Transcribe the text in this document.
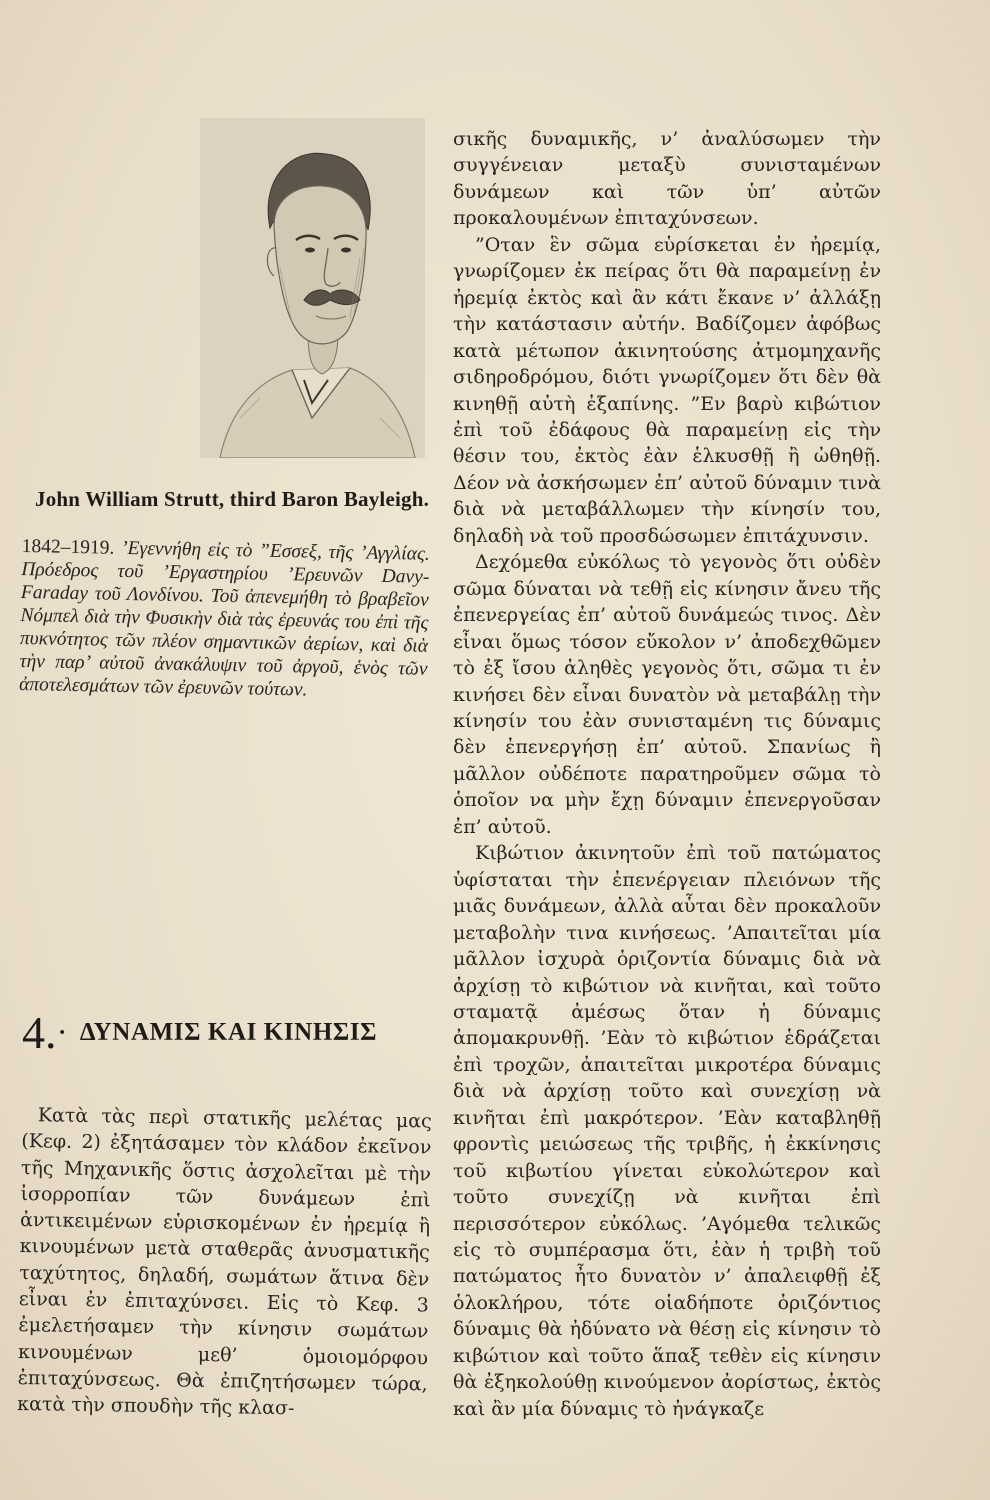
John William Strutt, third Baron Bayleigh.

1842–1919. ’Εγεννήθη εἰς τὸ ”Εσσεξ, τῆς ’Αγγλίας. Πρόεδρος τοῦ ’Εργαστηρίου ’Ερευνῶν Davy-Faraday τοῦ Λονδίνου. Τοῦ ἀπενεμήθη τὸ βραβεῖον Νόμπελ διὰ τὴν Φυσικὴν διὰ τὰς ἐρευνάς του ἐπὶ τῆς πυκνότητος τῶν πλέον σημαντικῶν ἀερίων, καὶ διὰ τὴν παρ’ αὐτοῦ ἀνακάλυψιν τοῦ ἀργοῦ, ἑνὸς τῶν ἀποτελεσμάτων τῶν ἐρευνῶν τούτων.

4.· ΔΥΝΑΜΙΣ ΚΑΙ ΚΙΝΗΣΙΣ

Κατὰ τὰς περὶ στατικῆς μελέτας μας (Κεφ. 2) ἐξητάσαμεν τὸν κλάδον ἐκεῖνον τῆς Μηχανικῆς ὅστις ἀσχολεῖται μὲ τὴν ἰσορροπίαν τῶν δυνάμεων ἐπὶ ἀντικειμένων εὑρισκομένων ἐν ἠρεμίᾳ ἢ κινουμένων μετὰ σταθερᾶς ἀνυσματικῆς ταχύτητος, δηλαδή, σωμάτων ἅτινα δὲν εἶναι ἐν ἐπιταχύνσει. Εἰς τὸ Κεφ. 3 ἐμελετήσαμεν τὴν κίνησιν σωμάτων κινουμένων μεθ’ ὁμοιομόρφου ἐπιταχύνσεως. Θὰ ἐπιζητήσωμεν τώρα, κατὰ τὴν σπουδὴν τῆς κλασ-

σικῆς δυναμικῆς, ν’ ἀναλύσωμεν τὴν συγγένειαν μεταξὺ συνισταμένων δυνάμεων καὶ τῶν ὑπ’ αὐτῶν προκαλουμένων ἐπιταχύνσεων.

”Οταν ἓν σῶμα εὑρίσκεται ἐν ἠρεμίᾳ, γνωρίζομεν ἐκ πείρας ὅτι θὰ παραμείνῃ ἐν ἠρεμίᾳ ἐκτὸς καὶ ἂν κάτι ἔκανε ν’ ἀλλάξῃ τὴν κατάστασιν αὐτήν. Βαδίζομεν ἀφόβως κατὰ μέτωπον ἀκινητούσης ἀτμομηχανῆς σιδηροδρόμου, διότι γνωρίζομεν ὅτι δὲν θὰ κινηθῇ αὐτὴ ἐξαπίνης. ”Εν βαρὺ κιβώτιον ἐπὶ τοῦ ἐδάφους θὰ παραμείνῃ εἰς τὴν θέσιν του, ἐκτὸς ἐὰν ἑλκυσθῇ ἢ ὠθηθῇ. Δέον νὰ ἀσκήσωμεν ἐπ’ αὐτοῦ δύναμιν τινὰ διὰ νὰ μεταβάλλωμεν τὴν κίνησίν του, δηλαδὴ νὰ τοῦ προσδώσωμεν ἐπιτάχυνσιν.

Δεχόμεθα εὐκόλως τὸ γεγονὸς ὅτι οὐδὲν σῶμα δύναται νὰ τεθῇ εἰς κίνησιν ἄνευ τῆς ἐπενεργείας ἐπ’ αὐτοῦ δυνάμεώς τινος. Δὲν εἶναι ὅμως τόσον εὔκολον ν’ ἀποδεχθῶμεν τὸ ἐξ ἴσου ἀληθὲς γεγονὸς ὅτι, σῶμα τι ἐν κινήσει δὲν εἶναι δυνατὸν νὰ μεταβάλῃ τὴν κίνησίν του ἐὰν συνισταμένη τις δύναμις δὲν ἐπενεργήσῃ ἐπ’ αὐτοῦ. Σπανίως ἢ μᾶλλον οὐδέποτε παρατηροῦμεν σῶμα τὸ ὁποῖον να μὴν ἔχῃ δύναμιν ἐπενεργοῦσαν ἐπ’ αὐτοῦ.

Κιβώτιον ἀκινητοῦν ἐπὶ τοῦ πατώματος ὑφίσταται τὴν ἐπενέργειαν πλειόνων τῆς μιᾶς δυνάμεων, ἀλλὰ αὗται δὲν προκαλοῦν μεταβολὴν τινα κινήσεως. ’Απαιτεῖται μία μᾶλλον ἰσχυρὰ ὁριζοντία δύναμις διὰ νὰ ἀρχίσῃ τὸ κιβώτιον νὰ κινῆται, καὶ τοῦτο σταματᾷ ἀμέσως ὅταν ἡ δύναμις ἀπομακρυνθῇ. ’Εὰν τὸ κιβώτιον ἑδράζεται ἐπὶ τροχῶν, ἀπαιτεῖται μικροτέρα δύναμις διὰ νὰ ἀρχίσῃ τοῦτο καὶ συνεχίσῃ νὰ κινῆται ἐπὶ μακρότερον. ’Εὰν καταβληθῇ φροντὶς μειώσεως τῆς τριβῆς, ἡ ἐκκίνησις τοῦ κιβωτίου γίνεται εὐκολώτερον καὶ τοῦτο συνεχίζῃ νὰ κινῆται ἐπὶ περισσότερον εὐκόλως. ’Αγόμεθα τελικῶς εἰς τὸ συμπέρασμα ὅτι, ἐὰν ἡ τριβὴ τοῦ πατώματος ἦτο δυνατὸν ν’ ἀπαλειφθῇ ἐξ ὁλοκλήρου, τότε οἱαδήποτε ὁριζόντιος δύναμις θὰ ἠδύνατο νὰ θέσῃ εἰς κίνησιν τὸ κιβώτιον καὶ τοῦτο ἅπαξ τεθὲν εἰς κίνησιν θὰ ἐξηκολούθῃ κινούμενον ἀορίστως, ἐκτὸς καὶ ἂν μία δύναμις τὸ ἠνάγκαζε
